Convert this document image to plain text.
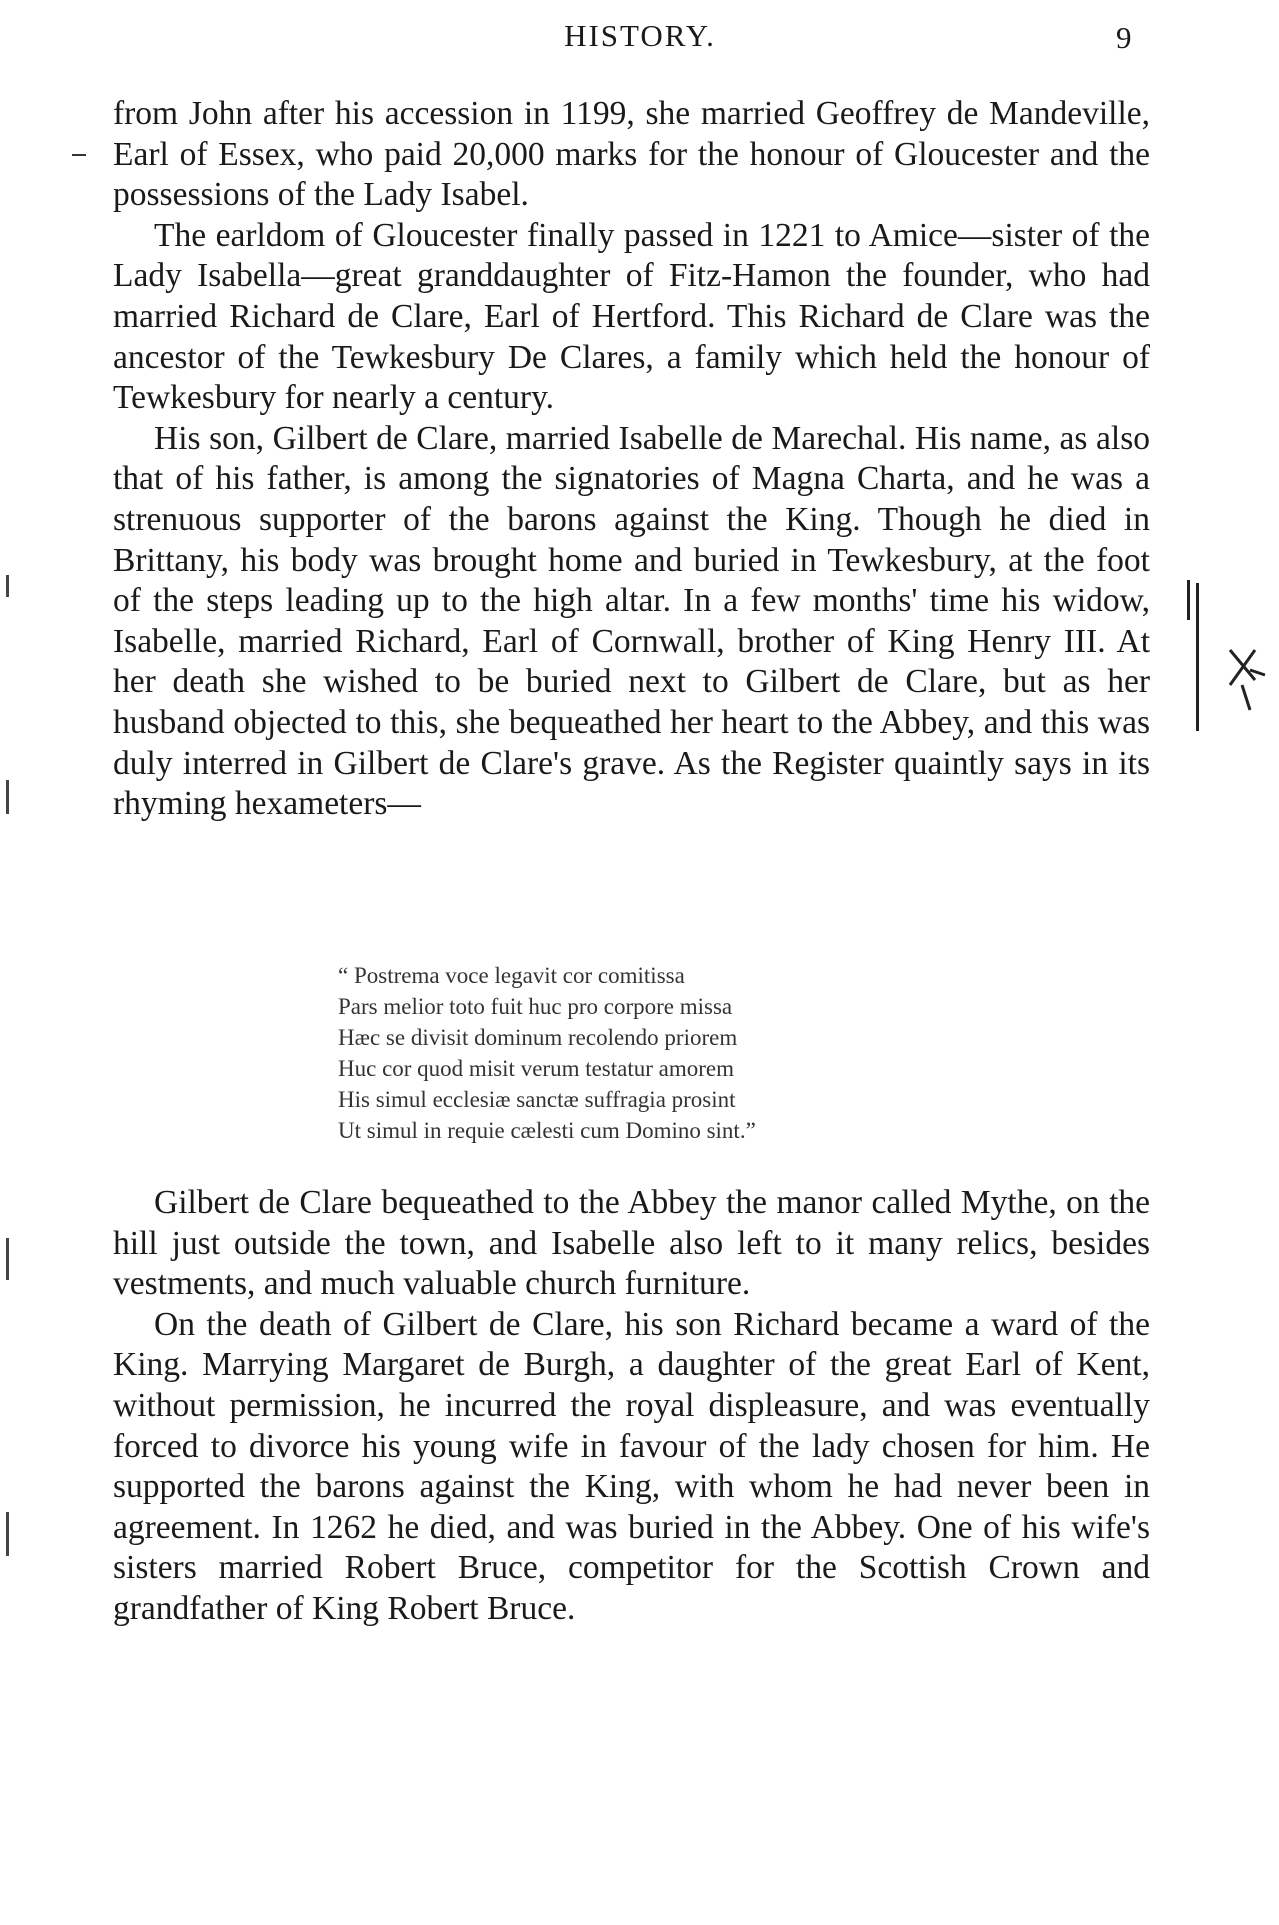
HISTORY.	9

from John after his accession in 1199, she married Geoffrey de Mandeville, Earl of Essex, who paid 20,000 marks for the honour of Gloucester and the possessions of the Lady Isabel.

The earldom of Gloucester finally passed in 1221 to Amice—sister of the Lady Isabella—great granddaughter of Fitz-Hamon the founder, who had married Richard de Clare, Earl of Hertford. This Richard de Clare was the ancestor of the Tewkesbury De Clares, a family which held the honour of Tewkesbury for nearly a century.

His son, Gilbert de Clare, married Isabelle de Marechal. His name, as also that of his father, is among the signatories of Magna Charta, and he was a strenuous supporter of the barons against the King. Though he died in Brittany, his body was brought home and buried in Tewkesbury, at the foot of the steps leading up to the high altar. In a few months' time his widow, Isabelle, married Richard, Earl of Cornwall, brother of King Henry III. At her death she wished to be buried next to Gilbert de Clare, but as her husband objected to this, she bequeathed her heart to the Abbey, and this was duly interred in Gilbert de Clare's grave. As the Register quaintly says in its rhyming hexameters—

“ Postrema voce legavit cor comitissa
Pars melior toto fuit huc pro corpore missa
Hæc se divisit dominum recolendo priorem
Huc cor quod misit verum testatur amorem
His simul ecclesiæ sanctæ suffragia prosint
Ut simul in requie cælesti cum Domino sint.”

Gilbert de Clare bequeathed to the Abbey the manor called Mythe, on the hill just outside the town, and Isabelle also left to it many relics, besides vestments, and much valuable church furniture.

On the death of Gilbert de Clare, his son Richard became a ward of the King. Marrying Margaret de Burgh, a daughter of the great Earl of Kent, without permission, he incurred the royal displeasure, and was eventually forced to divorce his young wife in favour of the lady chosen for him. He supported the barons against the King, with whom he had never been in agreement. In 1262 he died, and was buried in the Abbey. One of his wife's sisters married Robert Bruce, competitor for the Scottish Crown and grandfather of King Robert Bruce.
